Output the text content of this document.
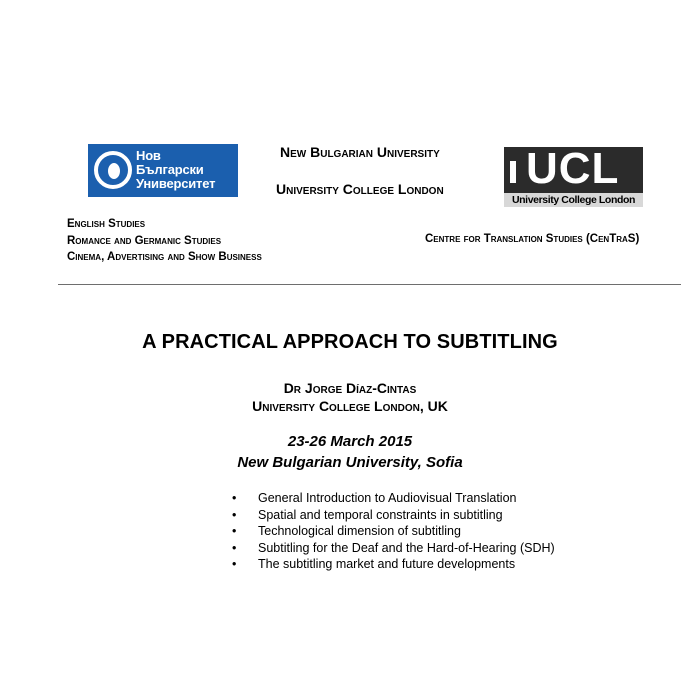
Нов
Български
Университет
New Bulgarian University
University College London UCL
University College London
English Studies
Romance and Germanic Studies
Cinema, Advertising and Show Business
Centre for Translation Studies (CenTraS)
A PRACTICAL APPROACH TO SUBTITLING
Dr Jorge Díaz-Cintas
University College London, UK
23-26 March 2015
New Bulgarian University, Sofia
• General Introduction to Audiovisual Translation
• Spatial and temporal constraints in subtitling
• Technological dimension of subtitling
• Subtitling for the Deaf and the Hard-of-Hearing (SDH)
• The subtitling market and future developments
